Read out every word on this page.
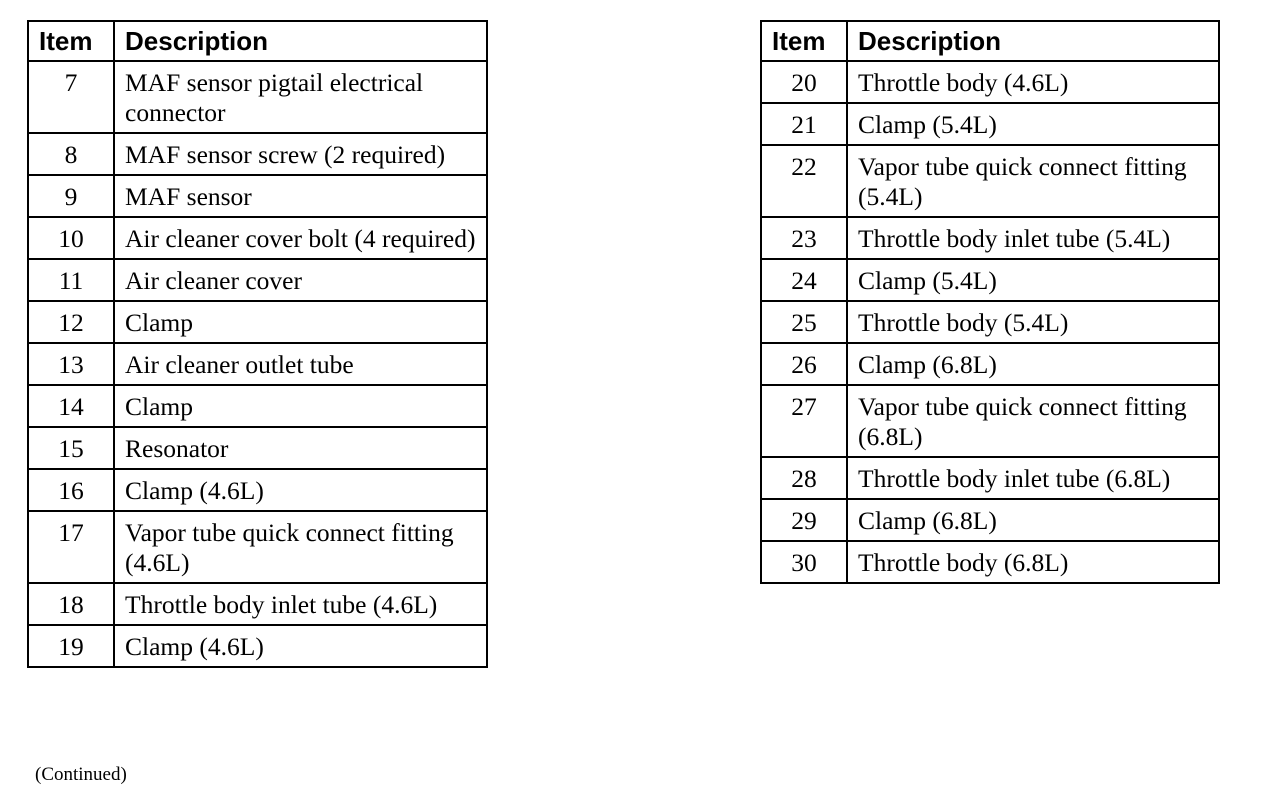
Item	Description
7	MAF sensor pigtail electrical connector
8	MAF sensor screw (2 required)
9	MAF sensor
10	Air cleaner cover bolt (4 required)
11	Air cleaner cover
12	Clamp
13	Air cleaner outlet tube
14	Clamp
15	Resonator
16	Clamp (4.6L)
17	Vapor tube quick connect fitting (4.6L)
18	Throttle body inlet tube (4.6L)
19	Clamp (4.6L)
Item	Description
20	Throttle body (4.6L)
21	Clamp (5.4L)
22	Vapor tube quick connect fitting (5.4L)
23	Throttle body inlet tube (5.4L)
24	Clamp (5.4L)
25	Throttle body (5.4L)
26	Clamp (6.8L)
27	Vapor tube quick connect fitting (6.8L)
28	Throttle body inlet tube (6.8L)
29	Clamp (6.8L)
30	Throttle body (6.8L)
(Continued)
